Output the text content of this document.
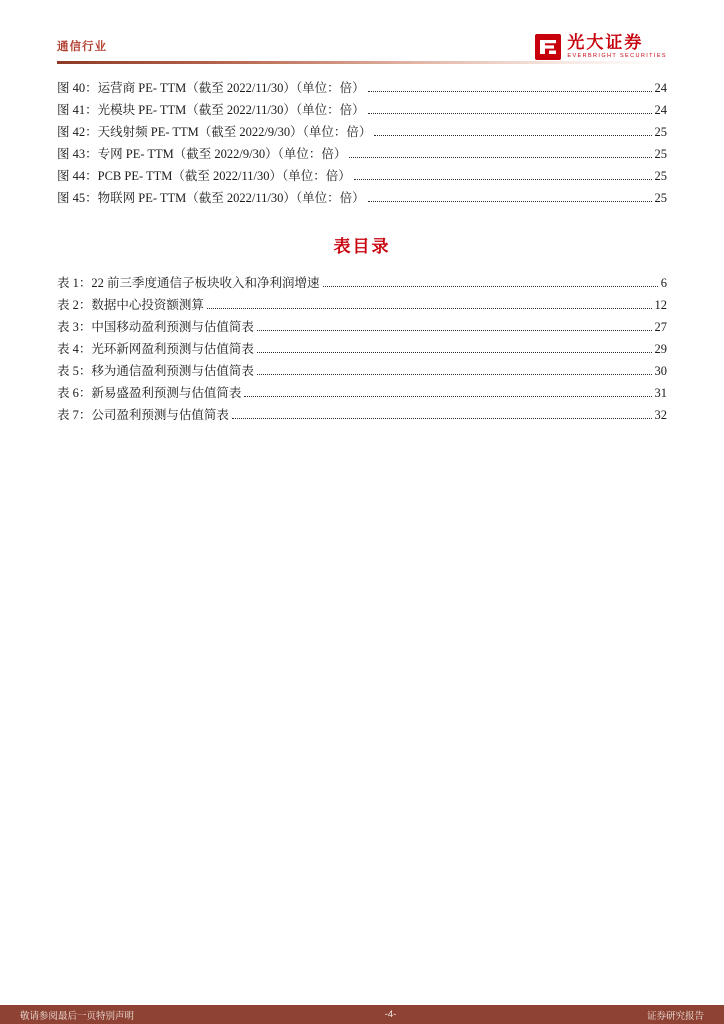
通信行业	光大证券
EVERBRIGHT SECURITIES
图 40：运营商 PE- TTM（截至 2022/11/30）（单位：倍）	24
图 41：光模块 PE- TTM（截至 2022/11/30）（单位：倍）	24
图 42：天线射频 PE- TTM（截至 2022/9/30）（单位：倍）	25
图 43：专网 PE- TTM（截至 2022/9/30）（单位：倍）	25
图 44：PCB PE- TTM（截至 2022/11/30）（单位：倍）	25
图 45：物联网 PE- TTM（截至 2022/11/30）（单位：倍）	25
表目录
表 1：22 前三季度通信子板块收入和净利润增速	6
表 2：数据中心投资额测算	12
表 3：中国移动盈利预测与估值简表	27
表 4：光环新网盈利预测与估值简表	29
表 5：移为通信盈利预测与估值简表	30
表 6：新易盛盈利预测与估值简表	31
表 7：公司盈利预测与估值简表	32
敬请参阅最后一页特别声明	-4-	证券研究报告
